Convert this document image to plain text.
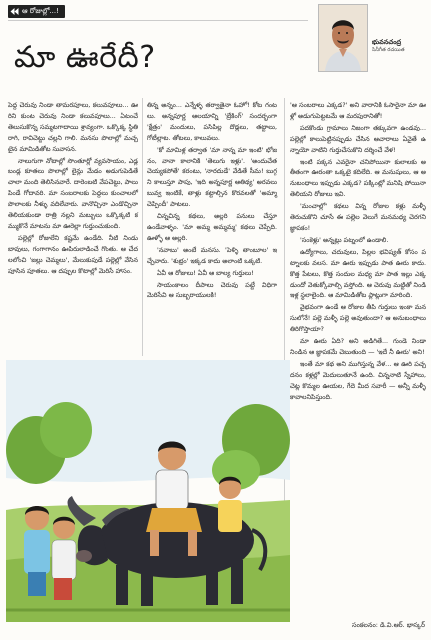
ఆ రోజుల్లో...!
మా ఊరేదీ?	భువనచంద్ర
సినీగీత రచయిత

పెద్ద చెరువు నిండా తామరపూలు, కలువపూలు... ఊరిని కుంట చెరువు నిండా కలువపూలు... ఏటంచే తెలుసుకొన్న సమ్మటగాదాయి శ్రావ్యంగా. ఒక్కొక్క స్థితి రాగి, రావిచెట్టు చల్లని గాలి. మనసు పొలాల్లో మచ్చటైన మామిడితోట సువాసన.

నాలుగుగా నోటాల్లో సొంతూర్లో వ్యవసాయం, ఎడ్ల బండ్ల కూతలు పొలాల్లో లైన్లు మేడం అడుగుపెడితే చాలా మంది తెలిసినవారే. దారెంబటి వేపచెట్టు, పాలు పిండే గోదావరి. మా సంబరాలకు పెద్దలు కుంచాలలో పొలాలకు నీళ్ళు వదిలేవారు. వానొచ్చినా ఎండొచ్చినా తెలియకుండా రాత్రి నల్లని మబ్బులు ఒక్కొక్కటి కమ్ముకొనే మాటను మా ఊరెల్లా గుర్తుంచుకుంది.

పల్లెల్లో రోజులేని కష్టమే ఉండేది. నీటి నిండు బావులు, గంగాగానం ఊపిరులాడించే గొంతు. ఆ చేదలలోంచి 'జల్లు చెమ్మలు', మేలుకుపుడే పల్లెల్లో వేసిన పూసిన పూతలు. ఆ దప్పుల కొటాల్లో మెరిసే హాసం.

తిన్న అన్నం... ఎన్నేళ్ళ తర్వాతైనా ఓహో! కోట గంటలు. అన్నపూర్ణ ఆలయాన్ని 'బ్రేకింగ్' సందర్భంగా 'క్షేత్రం' మందులు, పసిపిల్ల దొడ్లలు, తట్టాలు, గోటీల్లాట. తోటలు, కాలువలు.

'కో మామిళ్ల తర్వాత 'మా నాన్న మా ఇంటి' భోజనం, వానా కాలానికి 'తెలుగు ఇళ్లు'. 'అందుచేత చెయ్యకపోతే' కరంటు, 'నారదుడే' వేడితే సీమ! బుగ్గని కాలుస్తూ పాపు, 'ఇది అన్నపూర్ణ ఆతిథ్య' అరవలు బువ్వ ఇంటికే, తాళ్లు కట్టాల్సిన కొరవలతో 'అమ్మా చెప్పిందీ' పాటలు.

చిన్నచిన్న కథలు, అల్లరి పనులు చేస్తూ ఉండేవాళ్ళం. 'మా అమ్మ అమ్మమ్మ' కథలు చెప్పేది. ఊళ్ళో ఆ అల్లరి.

'నవాబు' అంటే మనసు. 'పెళ్ళి తాంబూల' ఇచ్చేవారు. 'శుభ్రం' ఇక్కడ కాదు అలాంటి ఒక్కటి.

ఏవీ ఆ రోజులు! ఏవీ ఆ బాల్య గుర్తులు!

సాయంకాలం దీపాలు చెరువు పట్టే విధిగా మెరిసేవి ఆ సుబ్బరాయులకి!

'ఆ సంబరాలు ఎక్కడ?' అని వారానికి ఓసారైనా మా ఊళ్లో అడుగుపెట్టటమే ఆ మరపురానితో!

పదకొండు గ్రామాలు నిజంగా తక్కువగా ఉండవు... పల్లెల్లో కాలుపెట్టినప్పుడు చేసిన ఆచారాలు ఏవైతే ఉన్నాయో వాటిని గుర్తుచేసుకొని దర్శించే వేళ!

ఇంటి పక్కన ఎవరైనా చనిపోయినా కులాలకు అతీతంగా ఊరంతా ఒక్కటై కదిలేది. ఆ మనుషులు, ఆ అనుబంధాలు ఇప్పుడు ఎక్కడ? పక్కింట్లో మనిషి పోయినా తెలియని రోజులు ఇవి.

'మంచాల్లో' కథలు విన్న రోజుల కళ్లు మళ్ళీ తెరుచుకొని చూసే ఈ పల్లెల వెలుగే మనమధ్య చెరగని జ్ఞాపకం!

'సంకెళ్లు' అన్నట్లు పట్నంలో ఉండాలి.

ఉద్యోగాలు, చదువులు, పిల్లల భవిష్యత్ కోసం పట్నాలకు వలస. మా ఊరు ఇప్పుడు పాత ఊరు కాదు. కొత్త పేటలు, కొత్త సందుల మధ్య మా పాత ఇల్లు ఎక్కడుందో వెతుక్కోవాల్సి వస్తోంది. ఆ చెరువు మట్టితో నిండి ఇళ్ల స్థలాలైంది. ఆ మామిడితోట ప్లాట్లుగా మారింది.

వైభవంగా ఉండే ఆ రోజుల తీపి గుర్తులు ఇంకా మనసులోనే! పల్లె మళ్ళీ పల్లె అవుతుందా? ఆ అనుబంధాలు తిరిగొస్తాయా?

మా ఊరు ఏది? అని అడిగితే... గుండె నిండా నిండిన ఆ జ్ఞాపకమే చెబుతుంది — 'ఇదే నీ ఊరు' అని!

ఇంతే మా కథ అని ముగిస్తున్న వేళ... ఆ ఊరి పచ్చదనం కళ్లల్లో మెదులుతూనే ఉంది. చిన్ననాటి స్నేహాలు, చెట్ల కొమ్మల ఊయల, గేదె మీద సవారీ — అన్నీ మళ్ళీ కావాలనిపిస్తుంది.

సంకలనం: డి.వి.ఆర్. భాస్కర్
